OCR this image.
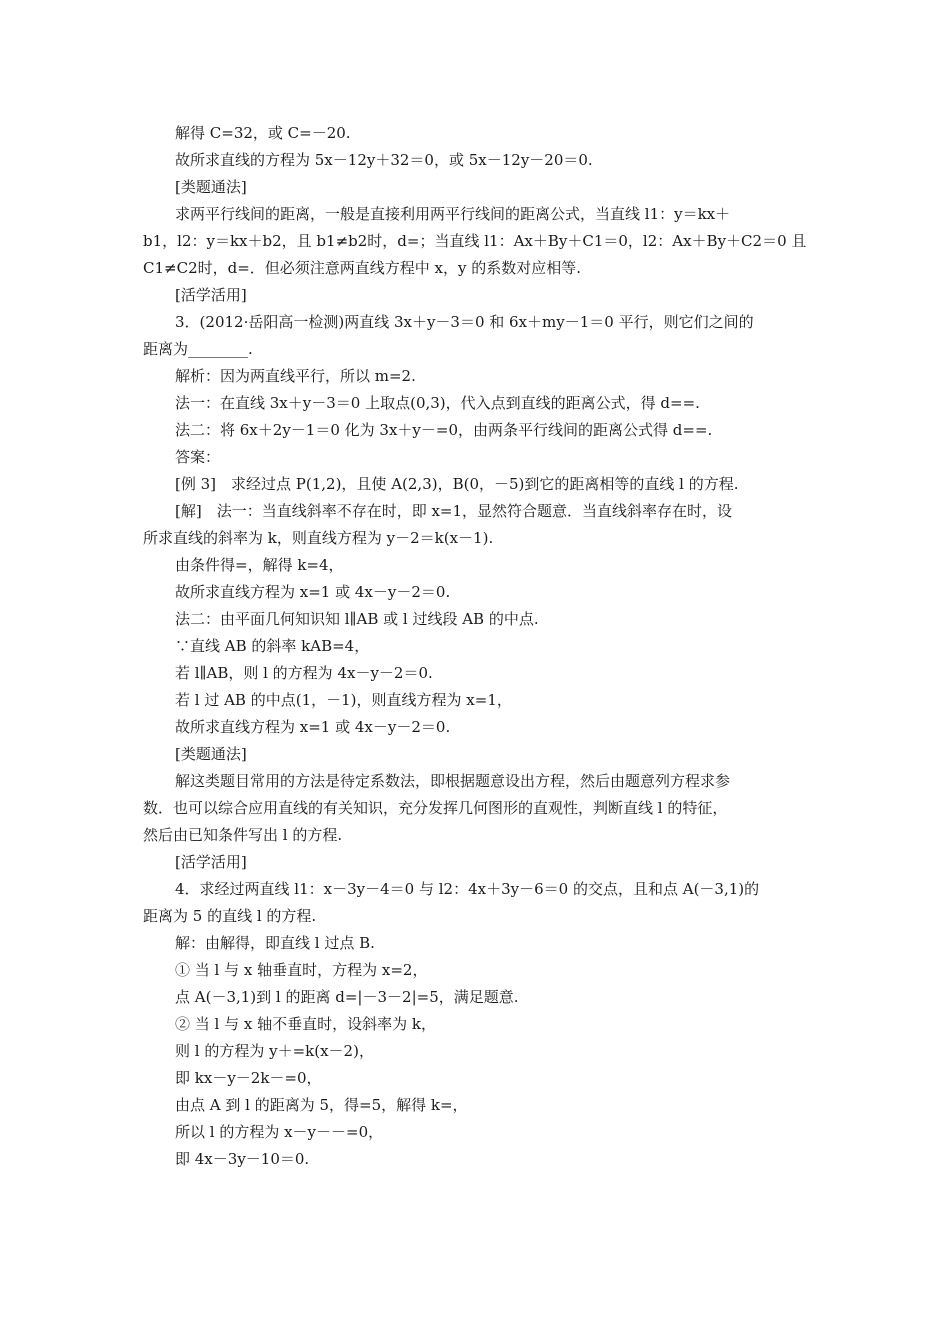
解得 C=32，或 C=－20.
故所求直线的方程为 5x－12y＋32＝0，或 5x－12y－20＝0.
[类题通法]
求两平行线间的距离，一般是直接利用两平行线间的距离公式，当直线 l1：y＝kx＋
b1，l2：y＝kx＋b2，且 b1≠b2时，d=；当直线 l1：Ax＋By＋C1＝0，l2：Ax＋By＋C2＝0 且
C1≠C2时，d=．但必须注意两直线方程中 x，y 的系数对应相等.
[活学活用]
3．(2012·岳阳高一检测)两直线 3x＋y－3＝0 和 6x＋my－1＝0 平行，则它们之间的
距离为________.
解析：因为两直线平行，所以 m=2.
法一：在直线 3x＋y－3＝0 上取点(0,3)，代入点到直线的距离公式，得 d==.
法二：将 6x＋2y－1＝0 化为 3x＋y－=0，由两条平行线间的距离公式得 d==.
答案：
[例 3]　求经过点 P(1,2)，且使 A(2,3)，B(0，－5)到它的距离相等的直线 l 的方程.
[解]　法一：当直线斜率不存在时，即 x=1，显然符合题意．当直线斜率存在时，设
所求直线的斜率为 k，则直线方程为 y－2＝k(x－1).
由条件得=，解得 k=4，
故所求直线方程为 x=1 或 4x－y－2＝0.
法二：由平面几何知识知 l∥AB 或 l 过线段 AB 的中点.
∵直线 AB 的斜率 kAB=4，
若 l∥AB，则 l 的方程为 4x－y－2＝0.
若 l 过 AB 的中点(1，－1)，则直线方程为 x=1，
故所求直线方程为 x=1 或 4x－y－2＝0.
[类题通法]
解这类题目常用的方法是待定系数法，即根据题意设出方程，然后由题意列方程求参
数．也可以综合应用直线的有关知识，充分发挥几何图形的直观性，判断直线 l 的特征，
然后由已知条件写出 l 的方程.
[活学活用]
4．求经过两直线 l1：x－3y－4＝0 与 l2：4x＋3y－6＝0 的交点，且和点 A(－3,1)的
距离为 5 的直线 l 的方程.
解：由解得，即直线 l 过点 B.
① 当 l 与 x 轴垂直时，方程为 x=2，
点 A(－3,1)到 l 的距离 d=|－3－2|=5，满足题意.
② 当 l 与 x 轴不垂直时，设斜率为 k，
则 l 的方程为 y＋=k(x－2)，
即 kx－y－2k－=0，
由点 A 到 l 的距离为 5，得=5，解得 k=，
所以 l 的方程为 x－y－－=0，
即 4x－3y－10＝0.
